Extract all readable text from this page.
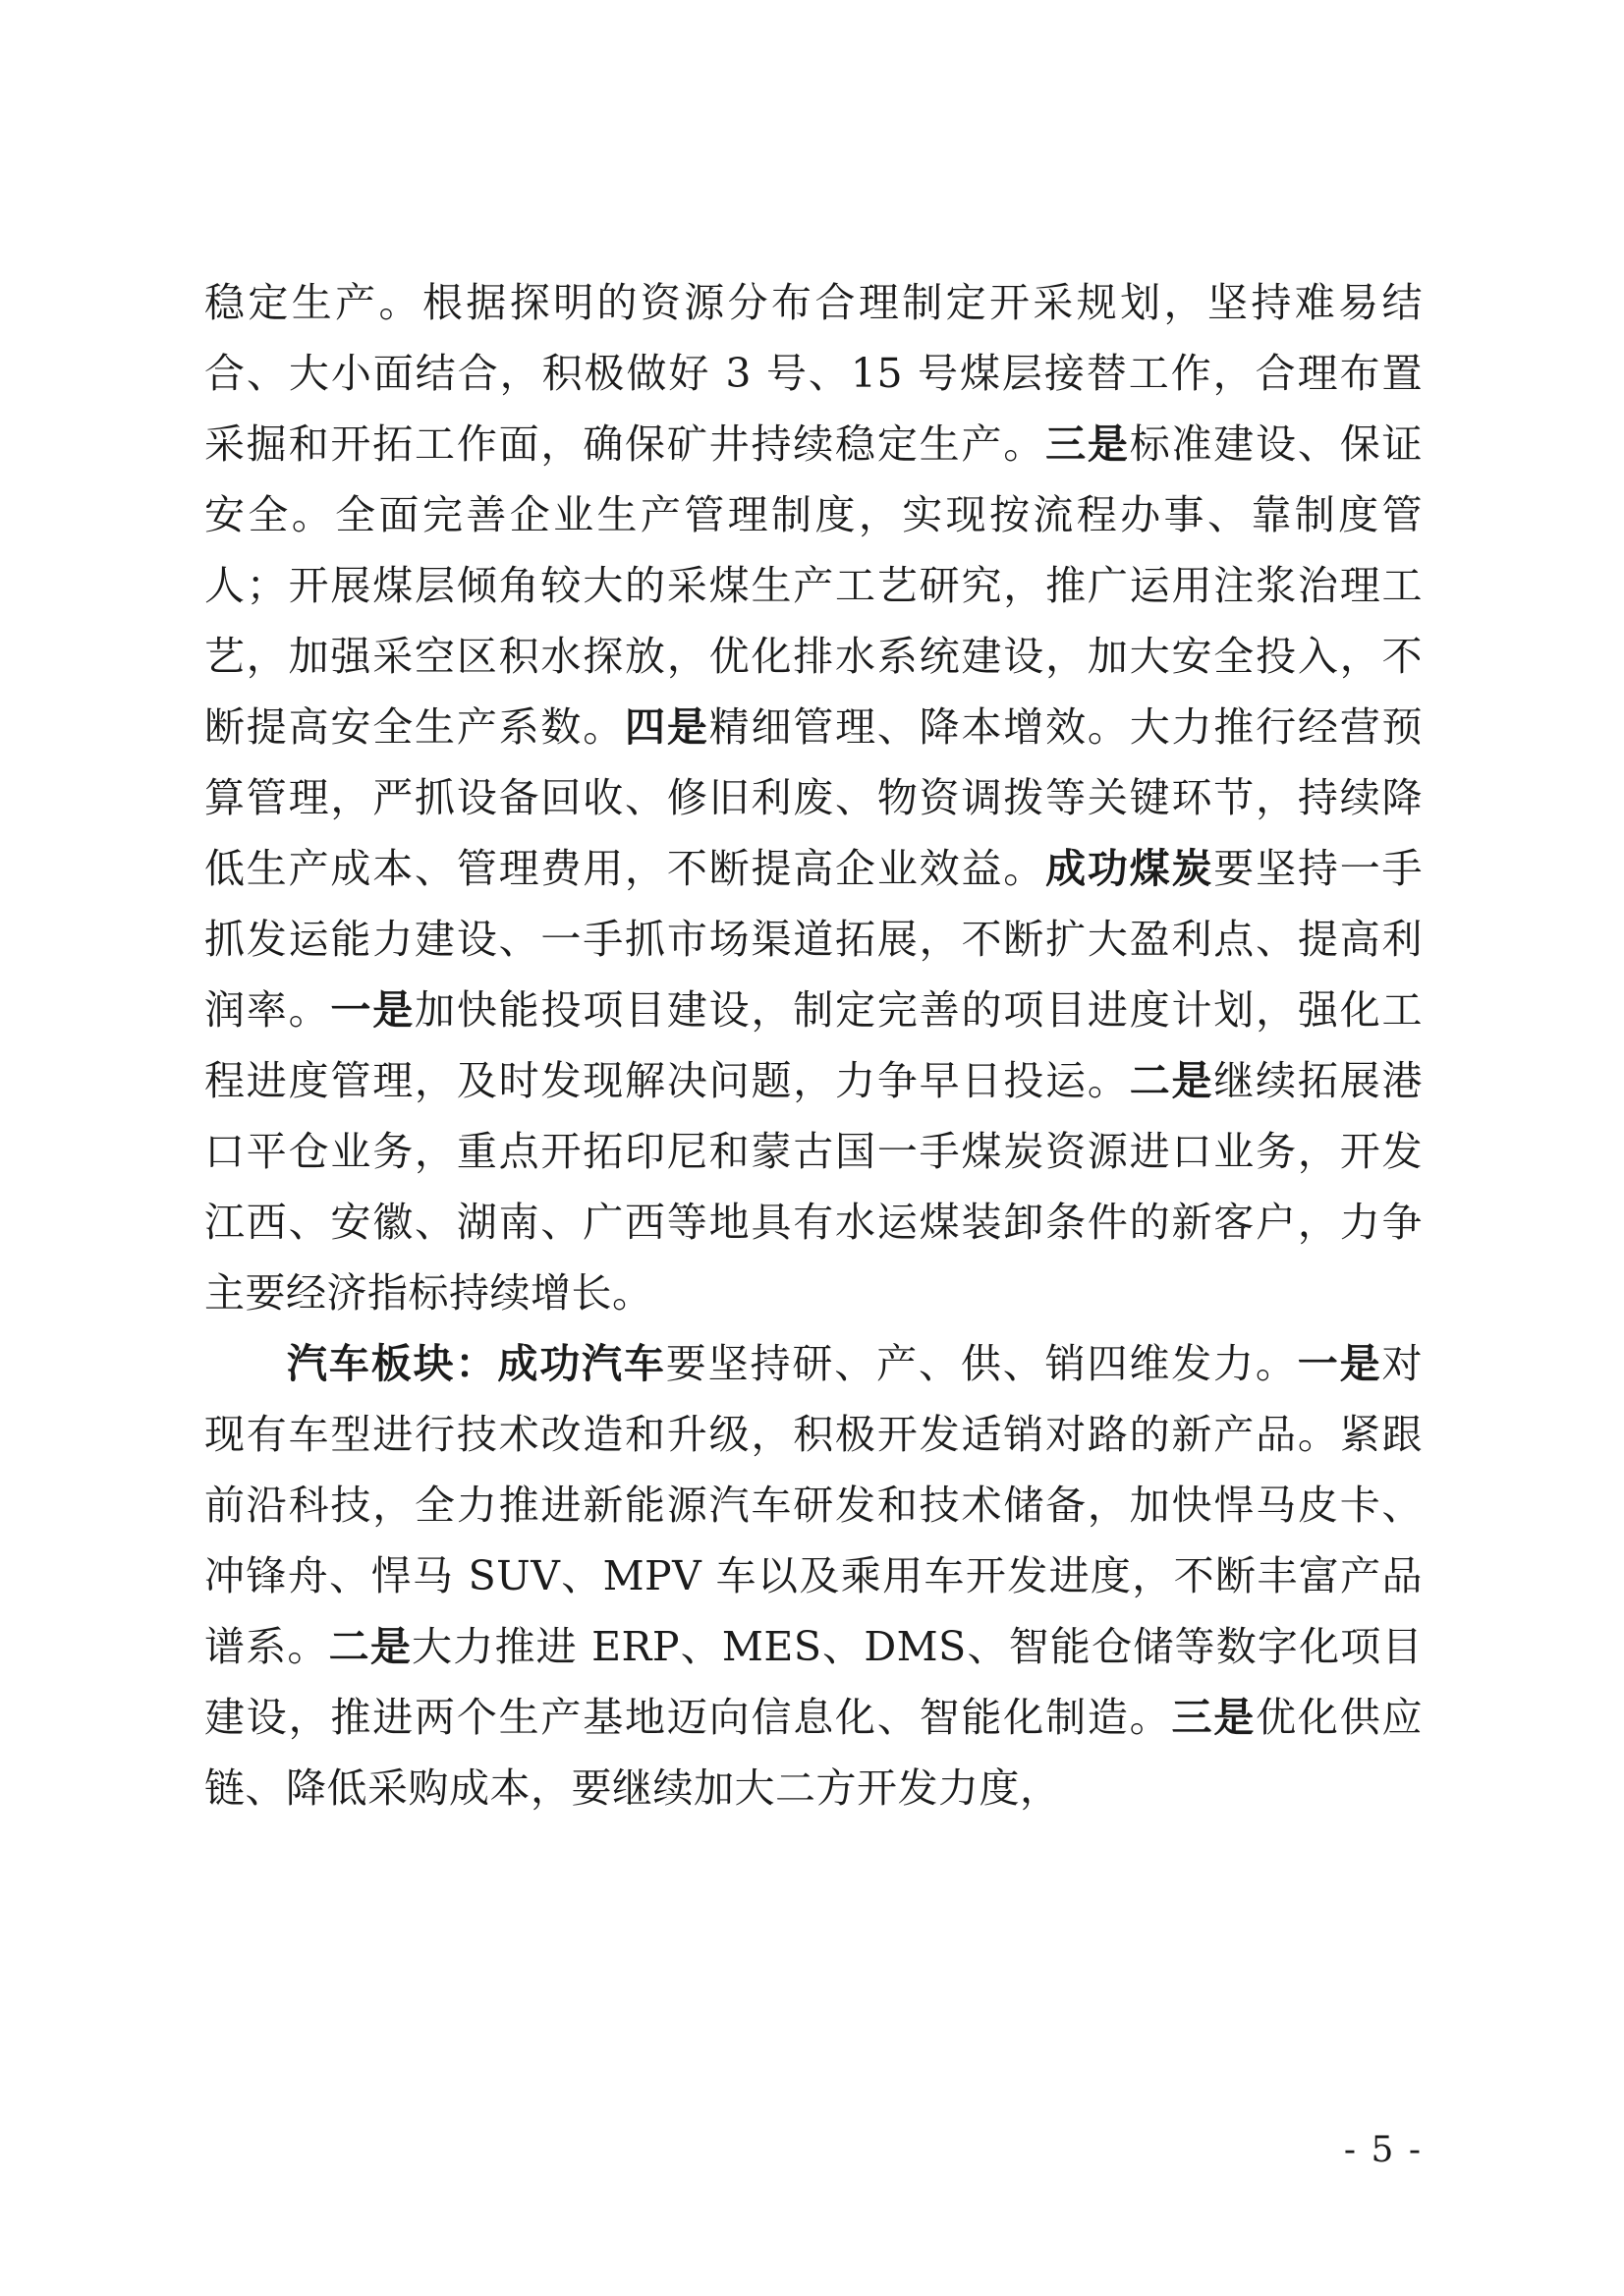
稳定生产。根据探明的资源分布合理制定开采规划，坚持难易结合、大小面结合，积极做好 3 号、15 号煤层接替工作，合理布置采掘和开拓工作面，确保矿井持续稳定生产。三是标准建设、保证安全。全面完善企业生产管理制度，实现按流程办事、靠制度管人；开展煤层倾角较大的采煤生产工艺研究，推广运用注浆治理工艺，加强采空区积水探放，优化排水系统建设，加大安全投入，不断提高安全生产系数。四是精细管理、降本增效。大力推行经营预算管理，严抓设备回收、修旧利废、物资调拨等关键环节，持续降低生产成本、管理费用，不断提高企业效益。成功煤炭要坚持一手抓发运能力建设、一手抓市场渠道拓展，不断扩大盈利点、提高利润率。一是加快能投项目建设，制定完善的项目进度计划，强化工程进度管理，及时发现解决问题，力争早日投运。二是继续拓展港口平仓业务，重点开拓印尼和蒙古国一手煤炭资源进口业务，开发江西、安徽、湖南、广西等地具有水运煤装卸条件的新客户，力争主要经济指标持续增长。

汽车板块：成功汽车要坚持研、产、供、销四维发力。一是对现有车型进行技术改造和升级，积极开发适销对路的新产品。紧跟前沿科技，全力推进新能源汽车研发和技术储备，加快悍马皮卡、冲锋舟、悍马 SUV、MPV 车以及乘用车开发进度，不断丰富产品谱系。二是大力推进 ERP、MES、DMS、智能仓储等数字化项目建设，推进两个生产基地迈向信息化、智能化制造。三是优化供应链、降低采购成本，要继续加大二方开发力度，

- 5 -
